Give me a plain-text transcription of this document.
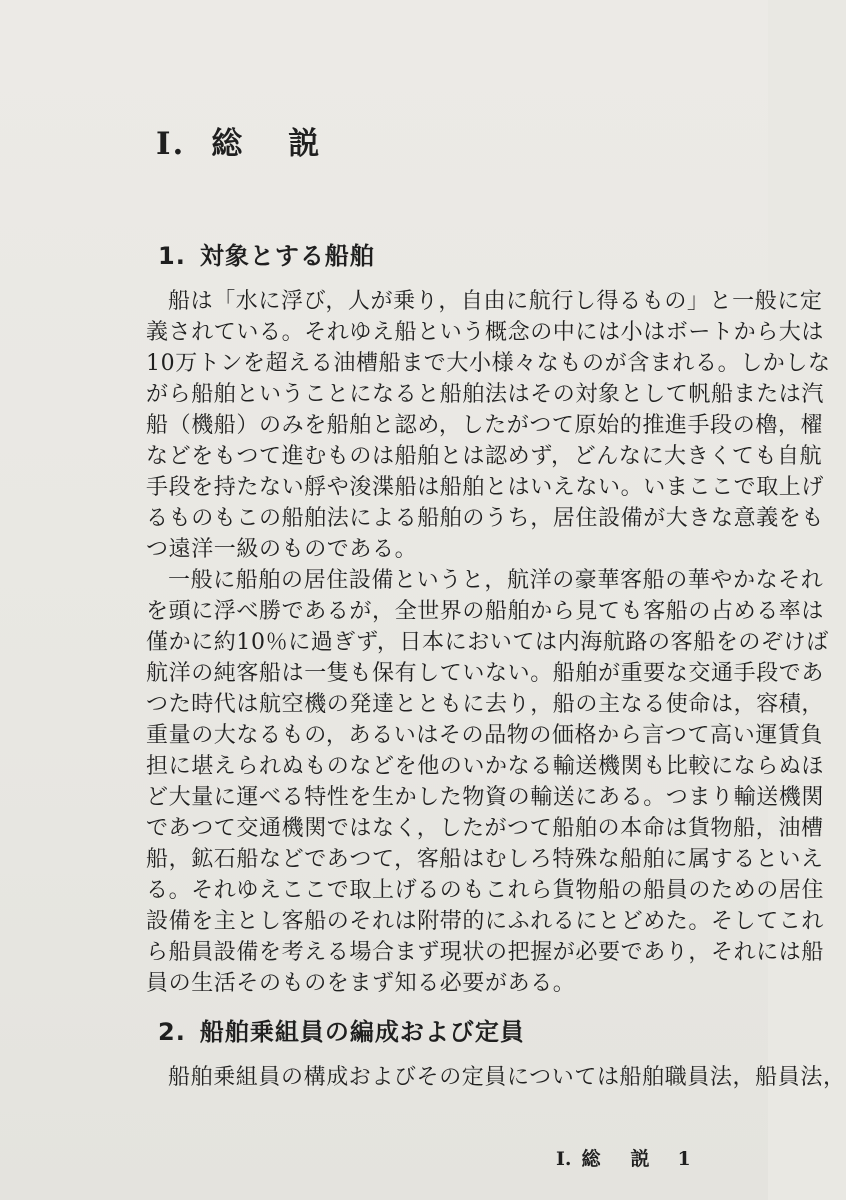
I. 総 説
1. 対象とする船舶
船は「水に浮び，人が乗り，自由に航行し得るもの」と一般に定
義されている。それゆえ船という概念の中には小はボートから大は
10万トンを超える油槽船まで大小様々なものが含まれる。しかしな
がら船舶ということになると船舶法はその対象として帆船または汽
船（機船）のみを船舶と認め，したがつて原始的推進手段の櫓，櫂
などをもつて進むものは船舶とは認めず，どんなに大きくても自航
手段を持たない艀や浚渫船は船舶とはいえない。いまここで取上げ
るものもこの船舶法による船舶のうち，居住設備が大きな意義をも
つ遠洋一級のものである。
一般に船舶の居住設備というと，航洋の豪華客船の華やかなそれ
を頭に浮べ勝であるが，全世界の船舶から見ても客船の占める率は
僅かに約10％に過ぎず，日本においては内海航路の客船をのぞけば
航洋の純客船は一隻も保有していない。船舶が重要な交通手段であ
つた時代は航空機の発達とともに去り，船の主なる使命は，容積，
重量の大なるもの，あるいはその品物の価格から言つて高い運賃負
担に堪えられぬものなどを他のいかなる輸送機関も比較にならぬほ
ど大量に運べる特性を生かした物資の輸送にある。つまり輸送機関
であつて交通機関ではなく，したがつて船舶の本命は貨物船，油槽
船，鉱石船などであつて，客船はむしろ特殊な船舶に属するといえ
る。それゆえここで取上げるのもこれら貨物船の船員のための居住
設備を主とし客船のそれは附帯的にふれるにとどめた。そしてこれ
ら船員設備を考える場合まず現状の把握が必要であり，それには船
員の生活そのものをまず知る必要がある。
2. 船舶乗組員の編成および定員
船舶乗組員の構成およびその定員については船舶職員法，船員法，
I. 総 説 1
